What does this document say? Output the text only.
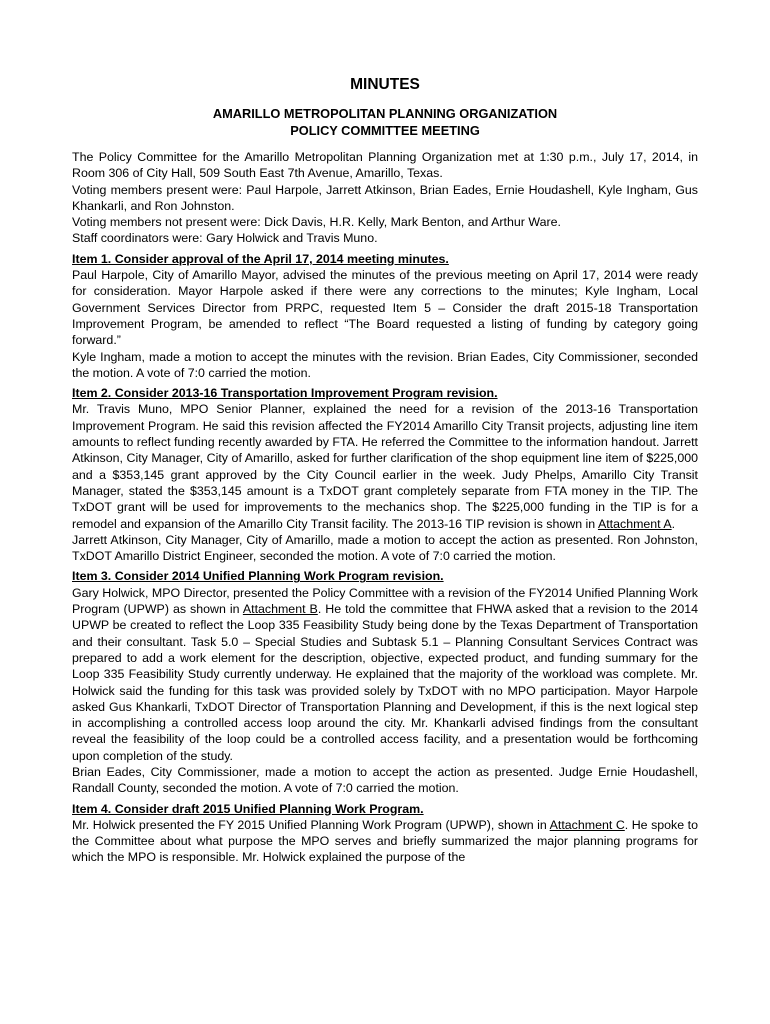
MINUTES
AMARILLO METROPOLITAN PLANNING ORGANIZATION
POLICY COMMITTEE MEETING

The Policy Committee for the Amarillo Metropolitan Planning Organization met at 1:30 p.m., July 17, 2014, in Room 306 of City Hall, 509 South East 7th Avenue, Amarillo, Texas.

Voting members present were: Paul Harpole, Jarrett Atkinson, Brian Eades, Ernie Houdashell, Kyle Ingham, Gus Khankarli, and Ron Johnston.

Voting members not present were: Dick Davis, H.R. Kelly, Mark Benton, and Arthur Ware.

Staff coordinators were: Gary Holwick and Travis Muno.

Item 1. Consider approval of the April 17, 2014 meeting minutes.

Paul Harpole, City of Amarillo Mayor, advised the minutes of the previous meeting on April 17, 2014 were ready for consideration. Mayor Harpole asked if there were any corrections to the minutes; Kyle Ingham, Local Government Services Director from PRPC, requested Item 5 – Consider the draft 2015-18 Transportation Improvement Program, be amended to reflect “The Board requested a listing of funding by category going forward.”

Kyle Ingham, made a motion to accept the minutes with the revision. Brian Eades, City Commissioner, seconded the motion. A vote of 7:0 carried the motion.

Item 2. Consider 2013-16 Transportation Improvement Program revision.

Mr. Travis Muno, MPO Senior Planner, explained the need for a revision of the 2013-16 Transportation Improvement Program. He said this revision affected the FY2014 Amarillo City Transit projects, adjusting line item amounts to reflect funding recently awarded by FTA. He referred the Committee to the information handout. Jarrett Atkinson, City Manager, City of Amarillo, asked for further clarification of the shop equipment line item of $225,000 and a $353,145 grant approved by the City Council earlier in the week. Judy Phelps, Amarillo City Transit Manager, stated the $353,145 amount is a TxDOT grant completely separate from FTA money in the TIP. The TxDOT grant will be used for improvements to the mechanics shop. The $225,000 funding in the TIP is for a remodel and expansion of the Amarillo City Transit facility. The 2013-16 TIP revision is shown in Attachment A.

Jarrett Atkinson, City Manager, City of Amarillo, made a motion to accept the action as presented. Ron Johnston, TxDOT Amarillo District Engineer, seconded the motion. A vote of 7:0 carried the motion.

Item 3. Consider 2014 Unified Planning Work Program revision.

Gary Holwick, MPO Director, presented the Policy Committee with a revision of the FY2014 Unified Planning Work Program (UPWP) as shown in Attachment B. He told the committee that FHWA asked that a revision to the 2014 UPWP be created to reflect the Loop 335 Feasibility Study being done by the Texas Department of Transportation and their consultant. Task 5.0 – Special Studies and Subtask 5.1 – Planning Consultant Services Contract was prepared to add a work element for the description, objective, expected product, and funding summary for the Loop 335 Feasibility Study currently underway. He explained that the majority of the workload was complete. Mr. Holwick said the funding for this task was provided solely by TxDOT with no MPO participation. Mayor Harpole asked Gus Khankarli, TxDOT Director of Transportation Planning and Development, if this is the next logical step in accomplishing a controlled access loop around the city. Mr. Khankarli advised findings from the consultant reveal the feasibility of the loop could be a controlled access facility, and a presentation would be forthcoming upon completion of the study.

Brian Eades, City Commissioner, made a motion to accept the action as presented. Judge Ernie Houdashell, Randall County, seconded the motion. A vote of 7:0 carried the motion.

Item 4. Consider draft 2015 Unified Planning Work Program.

Mr. Holwick presented the FY 2015 Unified Planning Work Program (UPWP), shown in Attachment C. He spoke to the Committee about what purpose the MPO serves and briefly summarized the major planning programs for which the MPO is responsible. Mr. Holwick explained the purpose of the
